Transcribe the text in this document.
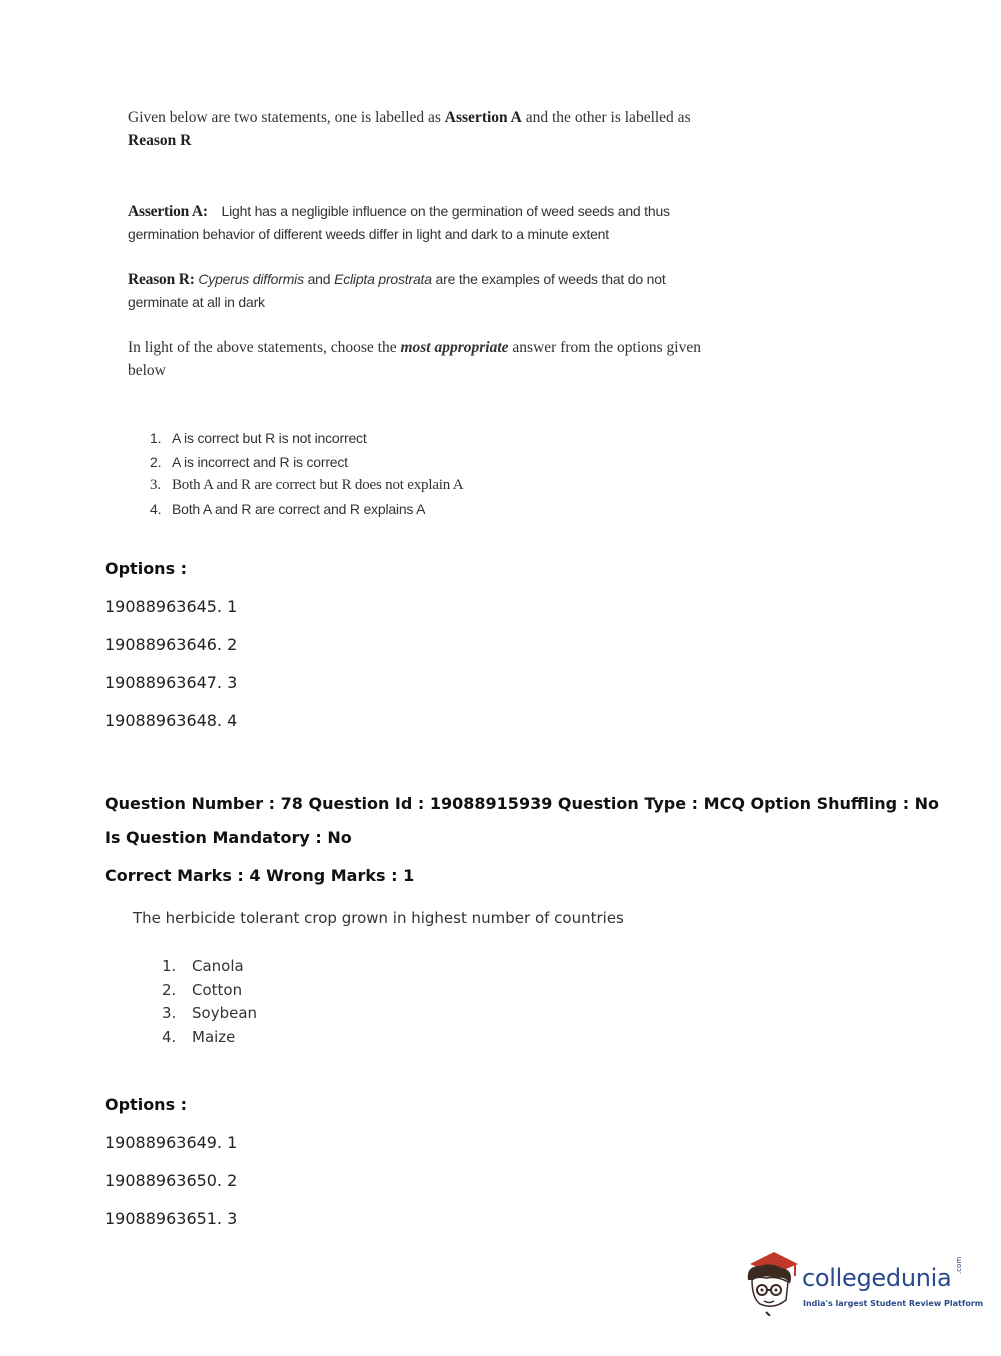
Given below are two statements, one is labelled as Assertion A and the other is labelled as
Reason R
Assertion A: Light has a negligible influence on the germination of weed seeds and thus
germination behavior of different weeds differ in light and dark to a minute extent
Reason R: Cyperus difformis and Eclipta prostrata are the examples of weeds that do not
germinate at all in dark
In light of the above statements, choose the most appropriate answer from the options given
below
1. A is correct but R is not incorrect
2. A is incorrect and R is correct
3. Both A and R are correct but R does not explain A
4. Both A and R are correct and R explains A
Options :
19088963645. 1
19088963646. 2
19088963647. 3
19088963648. 4
Question Number : 78 Question Id : 19088915939 Question Type : MCQ Option Shuffling : No
Is Question Mandatory : No
Correct Marks : 4 Wrong Marks : 1
The herbicide tolerant crop grown in highest number of countries
1.	Canola
2.	Cotton
3.	Soybean
4.	Maize
Options :
19088963649. 1
19088963650. 2
19088963651. 3
collegedunia .com
India's largest Student Review Platform
